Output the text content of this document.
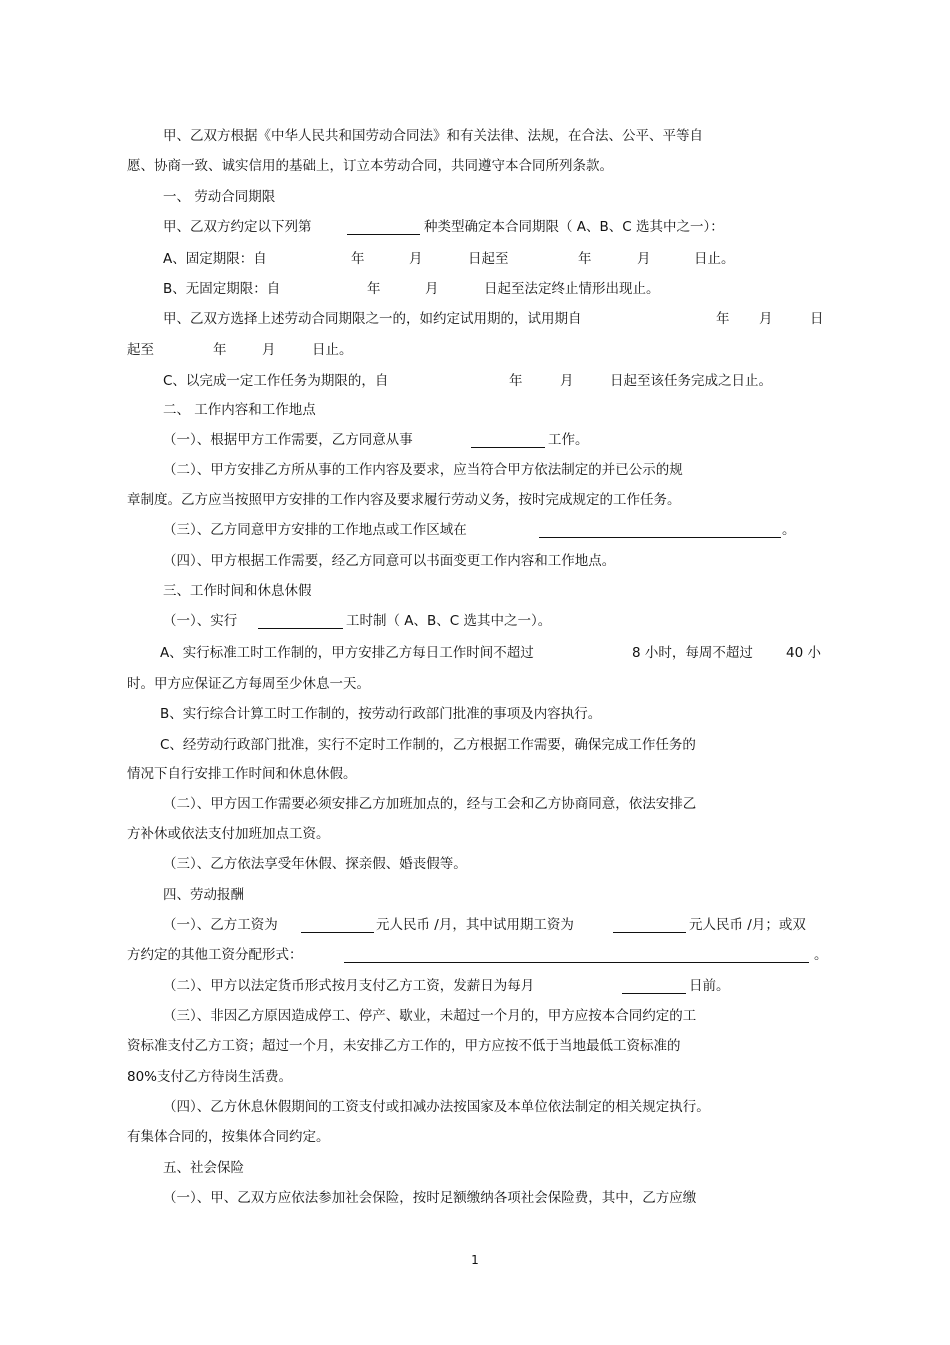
甲、乙双方根据《中华人民共和国劳动合同法》和有关法律、法规，在合法、公平、平等自
愿、协商一致、诚实信用的基础上，订立本劳动合同，共同遵守本合同所列条款。
一、 劳动合同期限
甲、乙双方约定以下列第	种类型确定本合同期限（ A、B、C 选其中之一）：
A、固定期限：自	年	月	日起至	年	月	日止。
B、无固定期限：自	年	月	日起至法定终止情形出现止。
甲、乙双方选择上述劳动合同期限之一的，如约定试用期的，试用期自	年 月	日
起至	年	月	日止。
C、以完成一定工作任务为期限的，自	年	月	日起至该任务完成之日止。
二、 工作内容和工作地点
（一）、根据甲方工作需要，乙方同意从事	工作。
（二）、甲方安排乙方所从事的工作内容及要求，应当符合甲方依法制定的并已公示的规
章制度。乙方应当按照甲方安排的工作内容及要求履行劳动义务，按时完成规定的工作任务。
（三）、乙方同意甲方安排的工作地点或工作区域在	。
（四）、甲方根据工作需要，经乙方同意可以书面变更工作内容和工作地点。
三、工作时间和休息休假
（一）、实行	工时制（ A、B、C 选其中之一）。
A、实行标准工时工作制的，甲方安排乙方每日工作时间不超过	8 小时，每周不超过 40 小
时。甲方应保证乙方每周至少休息一天。
B、实行综合计算工时工作制的，按劳动行政部门批准的事项及内容执行。
C、经劳动行政部门批准，实行不定时工作制的，乙方根据工作需要，确保完成工作任务的
情况下自行安排工作时间和休息休假。
（二）、甲方因工作需要必须安排乙方加班加点的，经与工会和乙方协商同意，依法安排乙
方补休或依法支付加班加点工资。
（三）、乙方依法享受年休假、探亲假、婚丧假等。
四、劳动报酬
（一）、乙方工资为	元人民币 /月，其中试用期工资为	元人民币 /月；或双
方约定的其他工资分配形式：	。
（二）、甲方以法定货币形式按月支付乙方工资，发薪日为每月	日前。
（三）、非因乙方原因造成停工、停产、歇业，未超过一个月的，甲方应按本合同约定的工
资标准支付乙方工资；超过一个月，未安排乙方工作的，甲方应按不低于当地最低工资标准的
80%支付乙方待岗生活费。
（四）、乙方休息休假期间的工资支付或扣减办法按国家及本单位依法制定的相关规定执行。
有集体合同的，按集体合同约定。
五、社会保险
（一）、甲、乙双方应依法参加社会保险，按时足额缴纳各项社会保险费，其中，乙方应缴
1
